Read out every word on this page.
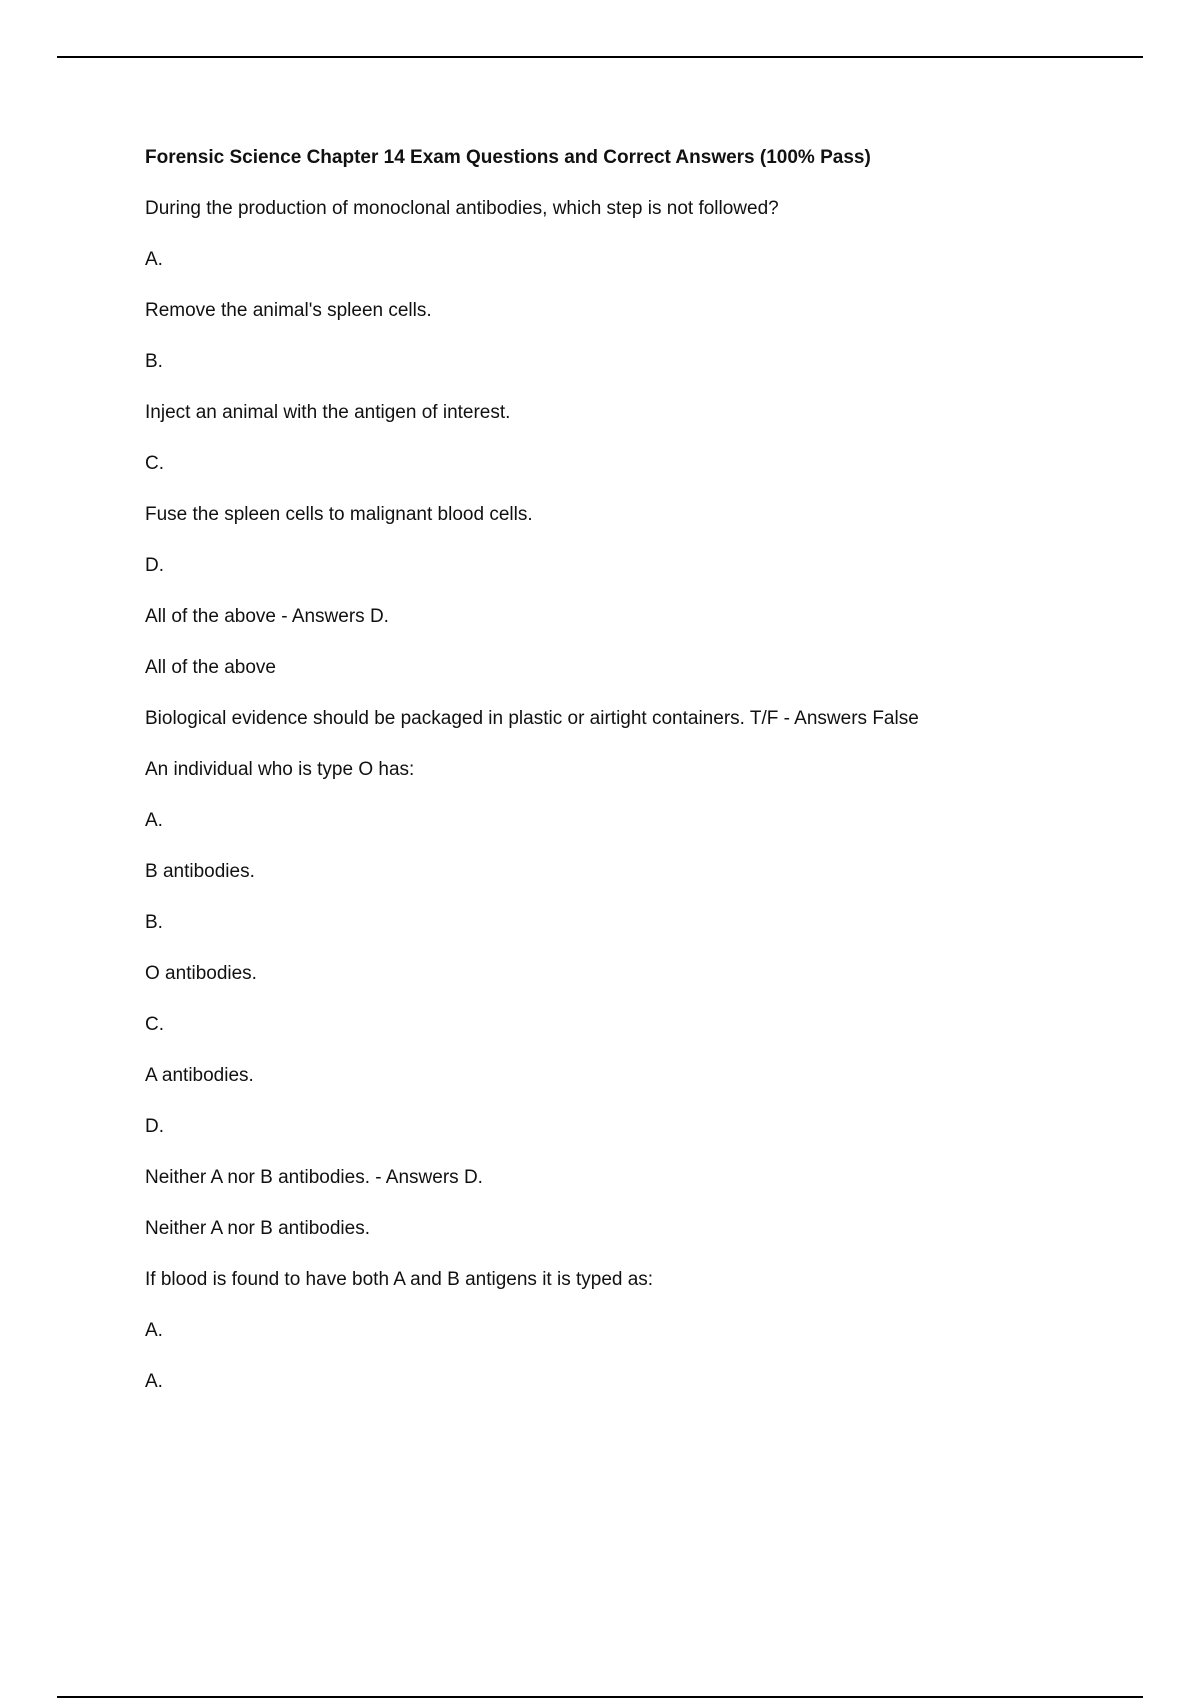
Forensic Science Chapter 14 Exam Questions and Correct Answers (100% Pass)
During the production of monoclonal antibodies, which step is not followed?
A.
Remove the animal's spleen cells.
B.
Inject an animal with the antigen of interest.
C.
Fuse the spleen cells to malignant blood cells.
D.
All of the above - Answers D.
All of the above
Biological evidence should be packaged in plastic or airtight containers. T/F - Answers False
An individual who is type O has:
A.
B antibodies.
B.
O antibodies.
C.
A antibodies.
D.
Neither A nor B antibodies. - Answers D.
Neither A nor B antibodies.
If blood is found to have both A and B antigens it is typed as:
A.
A.
